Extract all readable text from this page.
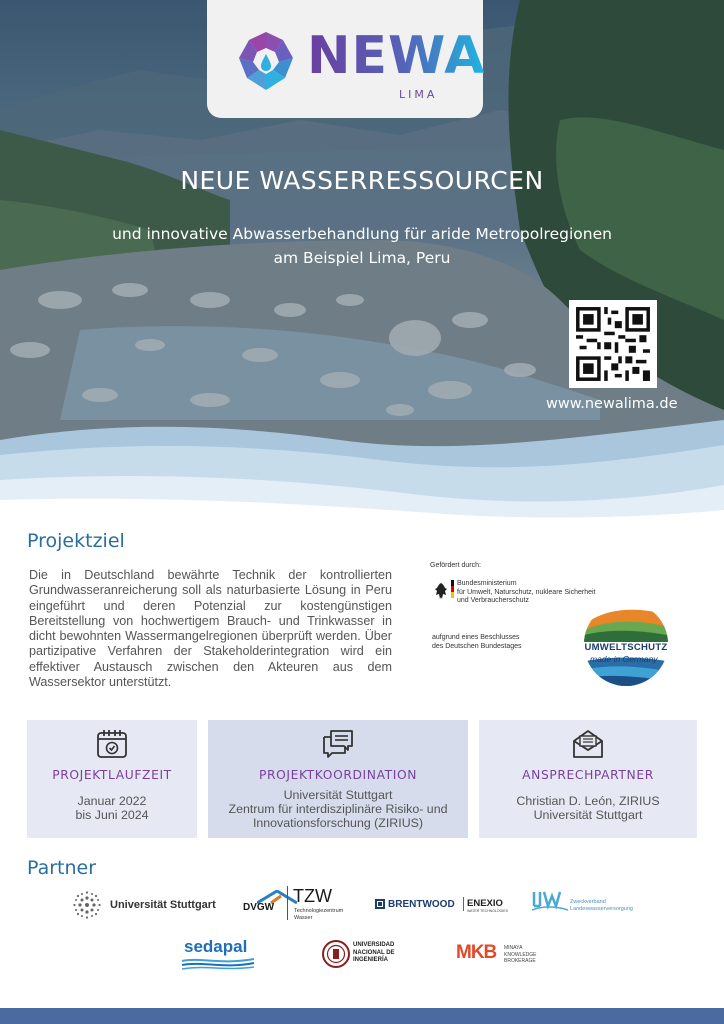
NEWA
LIMA
NEUE WASSERRESSOURCEN
und innovative Abwasserbehandlung für aride Metropolregionen
am Beispiel Lima, Peru
www.newalima.de
Projektziel
Die in Deutschland bewährte Technik der kontrollierten Grundwasseranreicherung soll als naturbasierte Lösung in Peru eingeführt und deren Potenzial zur kostengünstigen Bereitstellung von hochwertigem Brauch- und Trinkwasser in dicht bewohnten Wassermangelregionen überprüft werden. Über partizipative Verfahren der Stakeholderintegration wird ein effektiver Austausch zwischen den Akteuren aus dem Wassersektor unterstützt.
Gefördert durch:
Bundesministerium
für Umwelt, Naturschutz, nukleare Sicherheit
und Verbraucherschutz
aufgrund eines Beschlusses
des Deutschen Bundestages	UMWELTSCHUTZ
made in Germany
PROJEKTLAUFZEIT
Januar 2022
bis Juni 2024
PROJEKTKOORDINATION
Universität Stuttgart
Zentrum für interdisziplinäre Risiko- und
Innovationsforschung (ZIRIUS)
ANSPRECHPARTNER
Christian D. León, ZIRIUS
Universität Stuttgart
Partner
Universität Stuttgart	DVGW
TZW
Technologiezentrum
Wasser
BRENTWOOD ENEXIO
WATER TECHNOLOGIES
Zweckverband
Landeswasserversorgung
sedapal	UNIVERSIDAD
NACIONAL DE
INGENIERÍA	MKB MINAYA
KNOWLEDGE
BROKERAGE
